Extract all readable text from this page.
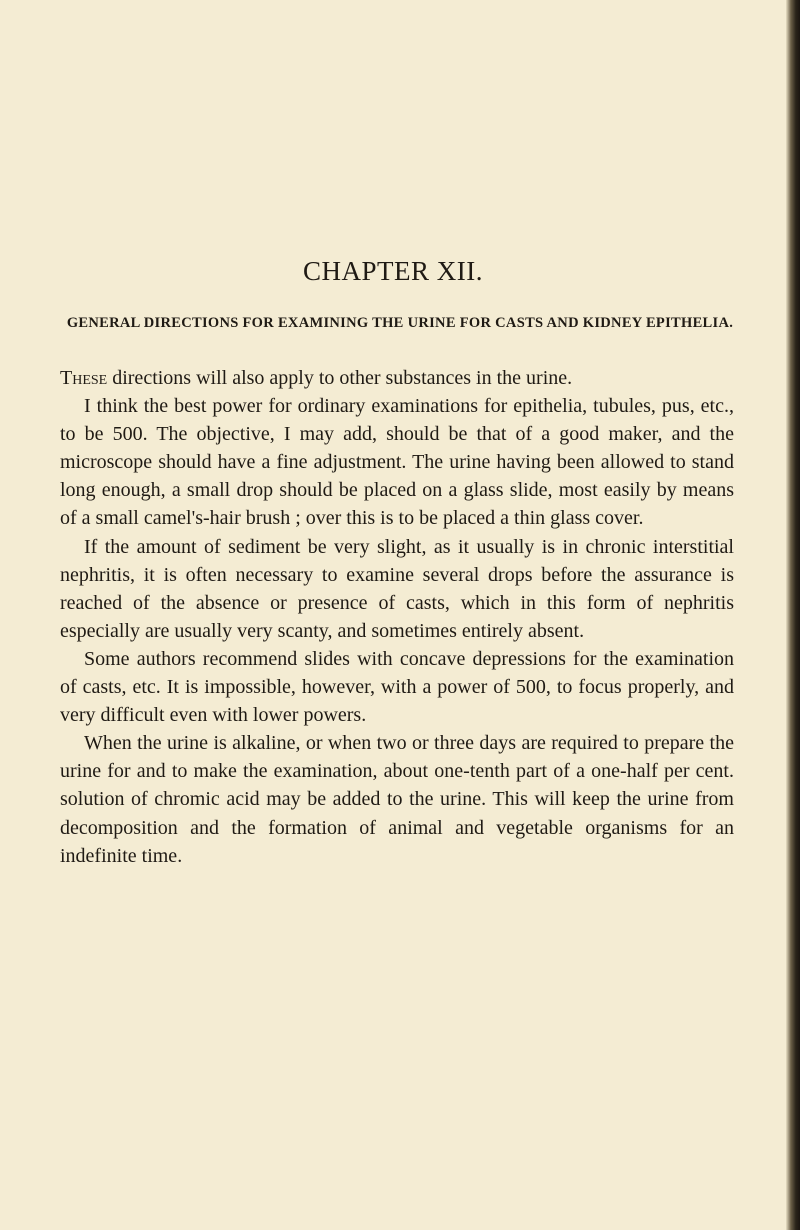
CHAPTER XII.
GENERAL DIRECTIONS FOR EXAMINING THE URINE FOR CASTS AND KIDNEY EPITHELIA.

These directions will also apply to other substances in the urine.

I think the best power for ordinary examinations for epithelia, tubules, pus, etc., to be 500. The objective, I may add, should be that of a good maker, and the microscope should have a fine adjustment. The urine having been allowed to stand long enough, a small drop should be placed on a glass slide, most easily by means of a small camel's-hair brush ; over this is to be placed a thin glass cover.

If the amount of sediment be very slight, as it usually is in chronic interstitial nephritis, it is often necessary to examine several drops before the assurance is reached of the absence or presence of casts, which in this form of nephritis especially are usually very scanty, and sometimes entirely absent.

Some authors recommend slides with concave depressions for the examination of casts, etc. It is impossible, however, with a power of 500, to focus properly, and very difficult even with lower powers.

When the urine is alkaline, or when two or three days are required to prepare the urine for and to make the examination, about one-tenth part of a one-half per cent. solution of chromic acid may be added to the urine. This will keep the urine from decomposition and the formation of animal and vegetable organisms for an indefinite time.
